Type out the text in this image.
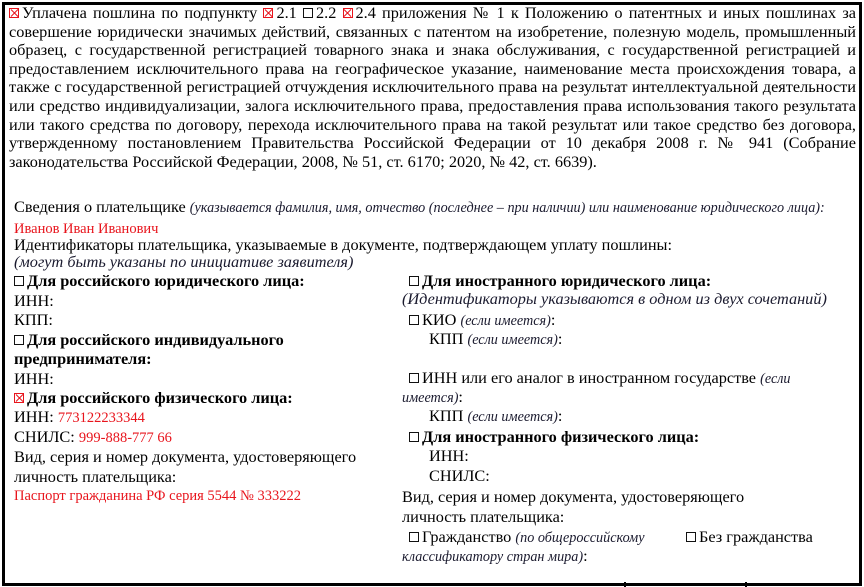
Уплачена пошлина по подпункту 2.1 2.2 2.4 приложения № 1 к Положению о патентных и иных пошлинах за совершение юридически значимых действий, связанных с патентом на изобретение, полезную модель, промышленный образец, с государственной регистрацией товарного знака и знака обслуживания, с государственной регистрацией и предоставлением исключительного права на географическое указание, наименование места происхождения товара, а также с государственной регистрацией отчуждения исключительного права на результат интеллектуальной деятельности или средство индивидуализации, залога исключительного права, предоставления права использования такого результата или такого средства по договору, перехода исключительного права на такой результат или такое средство без договора, утвержденному постановлением Правительства Российской Федерации от 10 декабря 2008 г. № 941 (Собрание законодательства Российской Федерации, 2008, № 51, ст. 6170; 2020, № 42, ст. 6639).
Сведения о плательщике (указывается фамилия, имя, отчество (последнее – при наличии) или наименование юридического лица): Иванов Иван Иванович
Идентификаторы плательщика, указываемые в документе, подтверждающем уплату пошлины:
(могут быть указаны по инициативе заявителя)
Для российского юридического лица:
ИНН:
КПП:
Для российского индивидуального
предпринимателя:
ИНН:
Для российского физического лица:
ИНН: 773122233344
СНИЛС: 999-888-777 66
Вид, серия и номер документа, удостоверяющего
личность плательщика:
Паспорт гражданина РФ серия 5544 № 333222
Для иностранного юридического лица:
(Идентификаторы указываются в одном из двух сочетаний)
КИО (если имеется):
КПП (если имеется):
ИНН или его аналог в иностранном государстве (если
имеется):
КПП (если имеется):
Для иностранного физического лица:
ИНН:
СНИЛС:
Вид, серия и номер документа, удостоверяющего
личность плательщика:
Гражданство (по общероссийскому	Без гражданства
классификатору стран мира):
